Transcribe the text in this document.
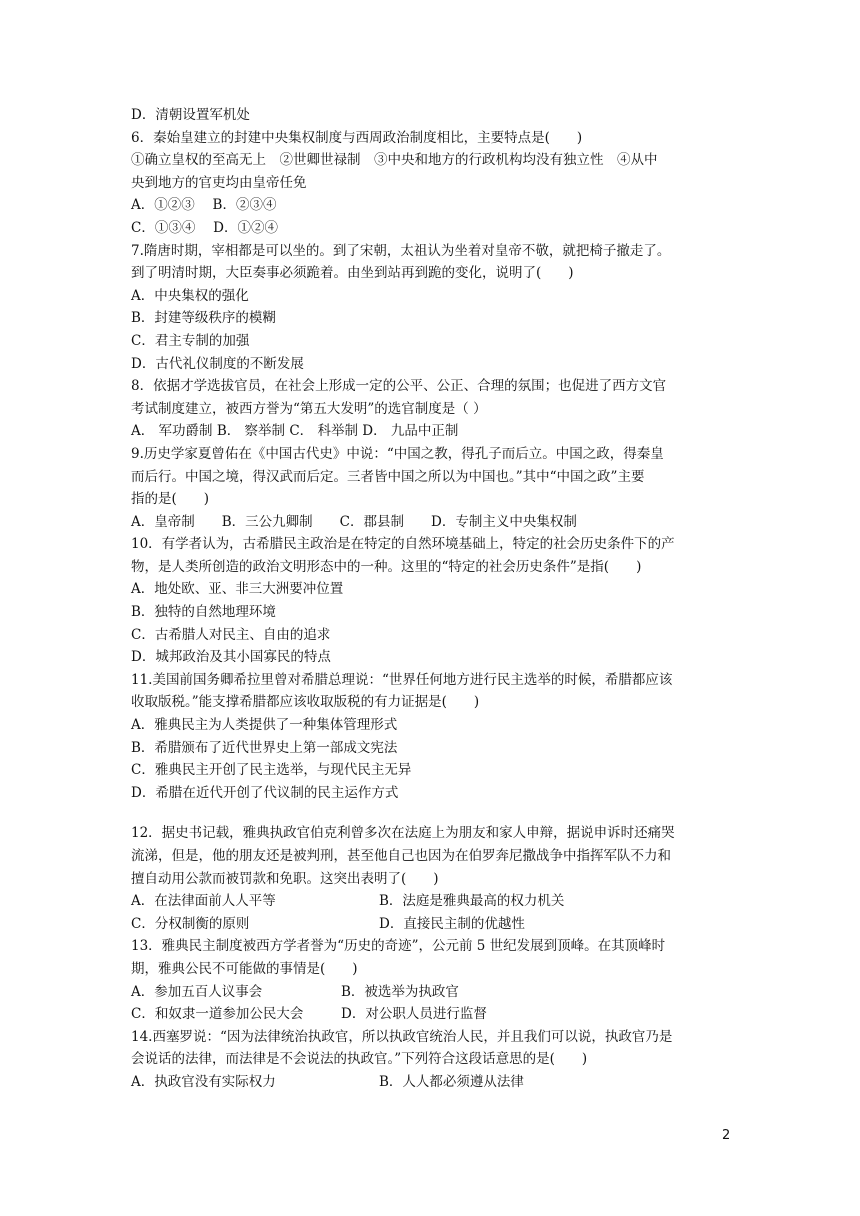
D．清朝设置军机处
6．秦始皇建立的封建中央集权制度与西周政治制度相比，主要特点是(　　)
①确立皇权的至高无上　②世卿世禄制　③中央和地方的行政机构均没有独立性　④从中
央到地方的官吏均由皇帝任免
A．①②③　 B．②③④
C．①③④　 D．①②④
7.隋唐时期，宰相都是可以坐的。到了宋朝，太祖认为坐着对皇帝不敬，就把椅子撤走了。
到了明清时期，大臣奏事必须跪着。由坐到站再到跪的变化，说明了(　　)
A．中央集权的强化
B．封建等级秩序的模糊
C．君主专制的加强
D．古代礼仪制度的不断发展
8．依据才学选拔官员，在社会上形成一定的公平、公正、合理的氛围；也促进了西方文官
考试制度建立，被西方誉为“第五大发明”的选官制度是（ ）
A． 军功爵制 B． 察举制 C． 科举制 D． 九品中正制
9.历史学家夏曾佑在《中国古代史》中说：“中国之教，得孔子而后立。中国之政，得秦皇
而后行。中国之境，得汉武而后定。三者皆中国之所以为中国也。”其中“中国之政”主要
指的是(　　)
A．皇帝制　　B．三公九卿制　　C．郡县制　　D．专制主义中央集权制
10．有学者认为，古希腊民主政治是在特定的自然环境基础上，特定的社会历史条件下的产
物，是人类所创造的政治文明形态中的一种。这里的“特定的社会历史条件”是指(　　)
A．地处欧、亚、非三大洲要冲位置
B．独特的自然地理环境
C．古希腊人对民主、自由的追求
D．城邦政治及其小国寡民的特点
11.美国前国务卿希拉里曾对希腊总理说：“世界任何地方进行民主选举的时候，希腊都应该
收取版税。”能支撑希腊都应该收取版税的有力证据是(　　)
A．雅典民主为人类提供了一种集体管理形式
B．希腊颁布了近代世界史上第一部成文宪法
C．雅典民主开创了民主选举，与现代民主无异
D．希腊在近代开创了代议制的民主运作方式
12．据史书记载，雅典执政官伯克利曾多次在法庭上为朋友和家人申辩，据说申诉时还痛哭
流涕，但是，他的朋友还是被判刑，甚至他自己也因为在伯罗奔尼撒战争中指挥军队不力和
擅自动用公款而被罚款和免职。这突出表明了(　　)
A．在法律面前人人平等	B．法庭是雅典最高的权力机关
C．分权制衡的原则	D．直接民主制的优越性
13．雅典民主制度被西方学者誉为“历史的奇迹”，公元前 5 世纪发展到顶峰。在其顶峰时
期，雅典公民不可能做的事情是(　　)
A．参加五百人议事会	B．被选举为执政官
C．和奴隶一道参加公民大会	D．对公职人员进行监督
14.西塞罗说：“因为法律统治执政官，所以执政官统治人民，并且我们可以说，执政官乃是
会说话的法律，而法律是不会说法的执政官。”下列符合这段话意思的是(　　)
A．执政官没有实际权力	B．人人都必须遵从法律
2
